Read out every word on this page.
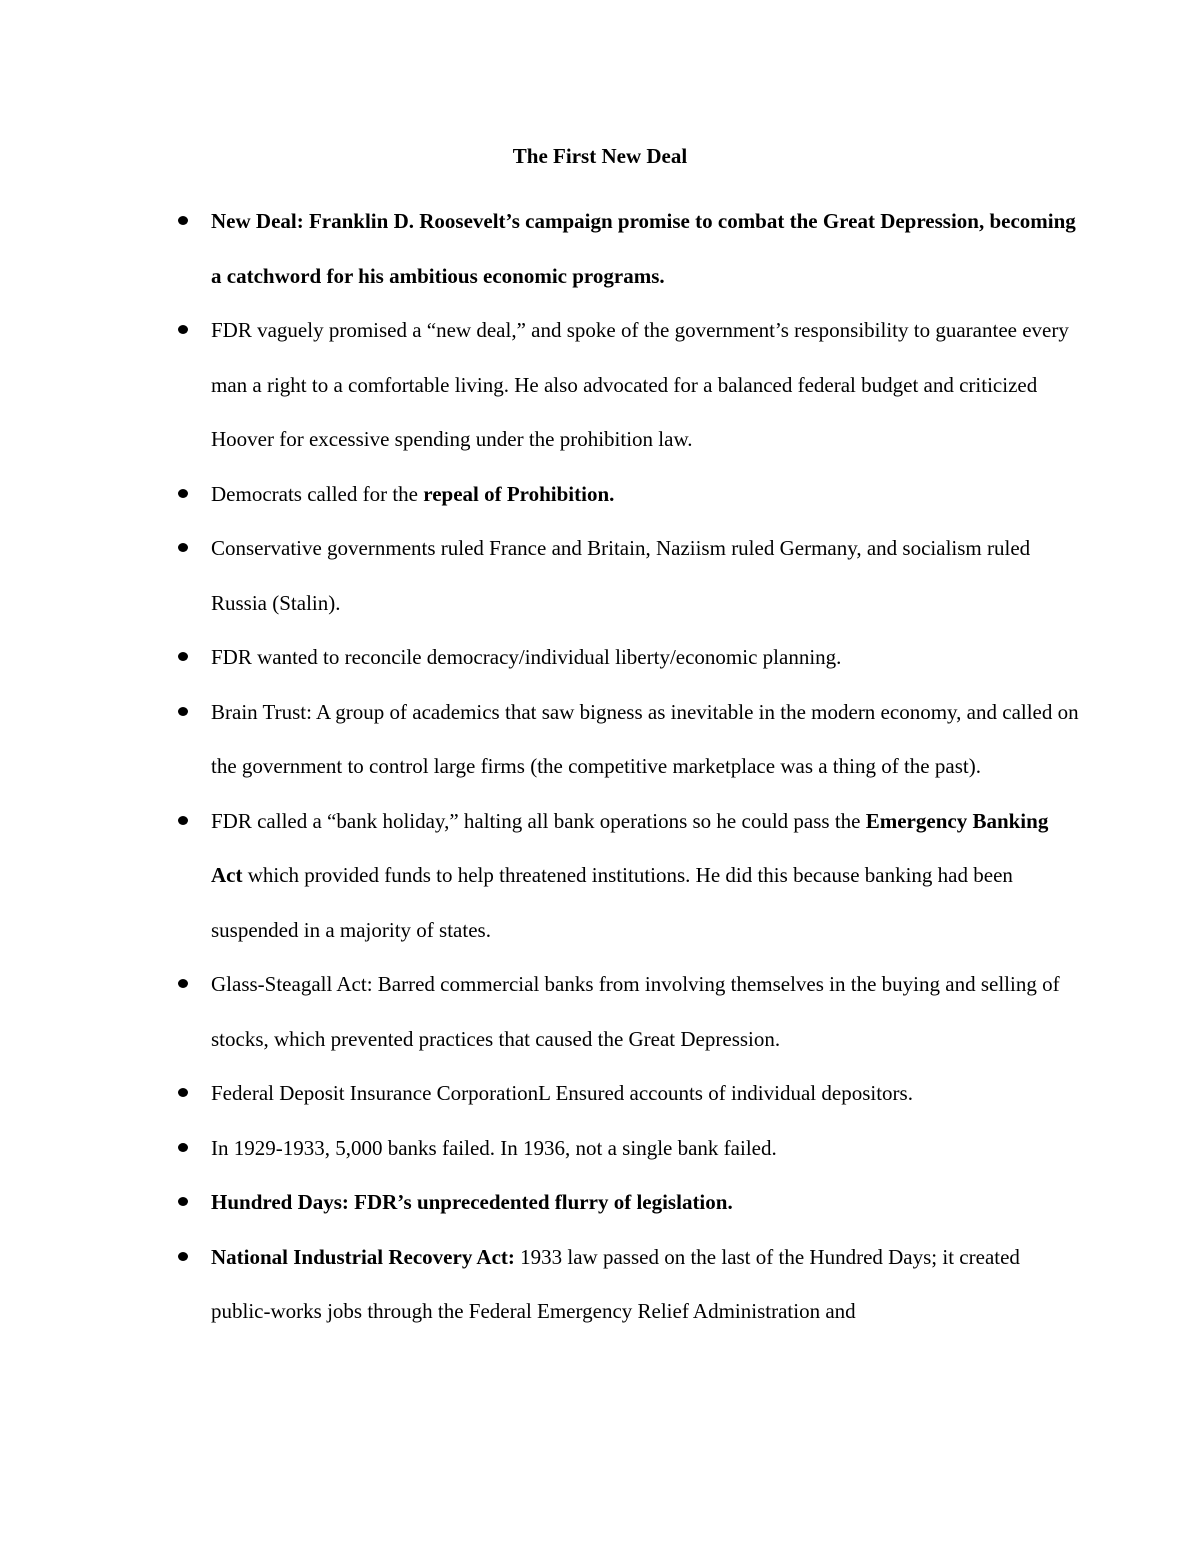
The First New Deal
New Deal: Franklin D. Roosevelt’s campaign promise to combat the Great Depression, becoming a catchword for his ambitious economic programs.
FDR vaguely promised a “new deal,” and spoke of the government’s responsibility to guarantee every man a right to a comfortable living. He also advocated for a balanced federal budget and criticized Hoover for excessive spending under the prohibition law.
Democrats called for the repeal of Prohibition.
Conservative governments ruled France and Britain, Naziism ruled Germany, and socialism ruled Russia (Stalin).
FDR wanted to reconcile democracy/individual liberty/economic planning.
Brain Trust: A group of academics that saw bigness as inevitable in the modern economy, and called on the government to control large firms (the competitive marketplace was a thing of the past).
FDR called a “bank holiday,” halting all bank operations so he could pass the Emergency Banking Act which provided funds to help threatened institutions. He did this because banking had been suspended in a majority of states.
Glass-Steagall Act: Barred commercial banks from involving themselves in the buying and selling of stocks, which prevented practices that caused the Great Depression.
Federal Deposit Insurance CorporationL Ensured accounts of individual depositors.
In 1929-1933, 5,000 banks failed. In 1936, not a single bank failed.
Hundred Days: FDR’s unprecedented flurry of legislation.
National Industrial Recovery Act: 1933 law passed on the last of the Hundred Days; it created public-works jobs through the Federal Emergency Relief Administration and
